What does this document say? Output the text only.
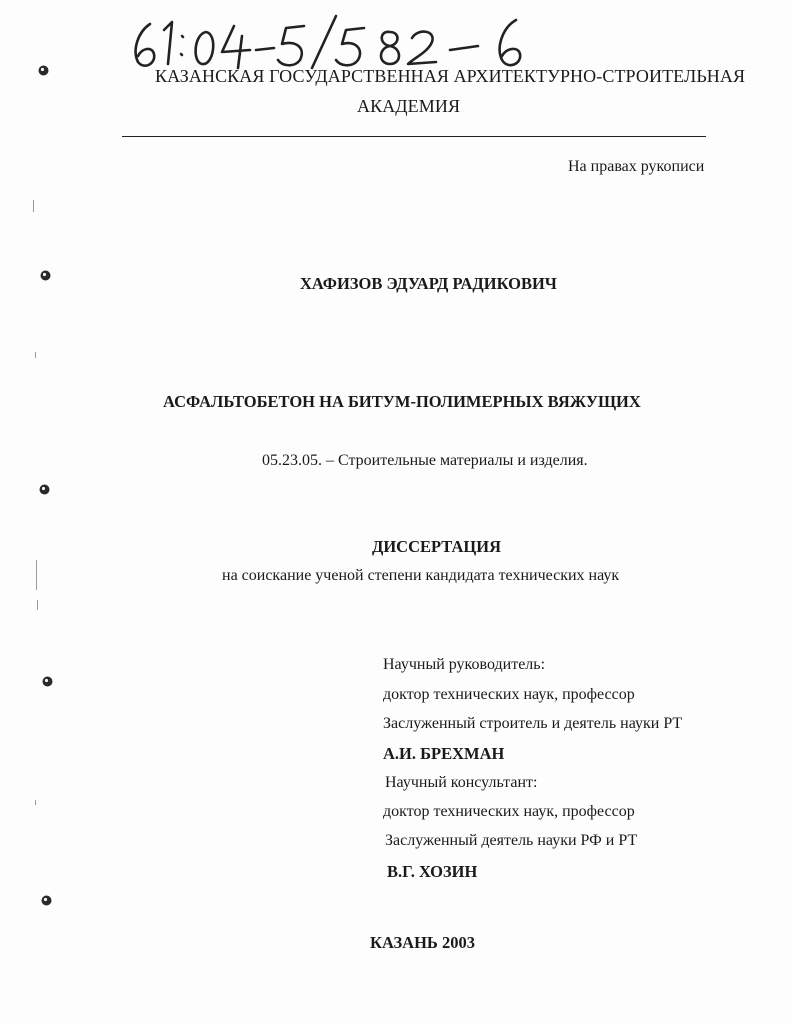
КАЗАНСКАЯ ГОСУДАРСТВЕННАЯ АРХИТЕКТУРНО-СТРОИТЕЛЬНАЯ
АКАДЕМИЯ
На правах рукописи
ХАФИЗОВ ЭДУАРД РАДИКОВИЧ
АСФАЛЬТОБЕТОН НА БИТУМ-ПОЛИМЕРНЫХ ВЯЖУЩИХ
05.23.05. – Строительные материалы и изделия.
ДИССЕРТАЦИЯ
на соискание ученой степени кандидата технических наук
Научный руководитель:
доктор технических наук, профессор
Заслуженный строитель и деятель науки РТ
А.И. БРЕХМАН
Научный консультант:
доктор технических наук, профессор
Заслуженный деятель науки РФ и РТ
В.Г. ХОЗИН
КАЗАНЬ 2003
